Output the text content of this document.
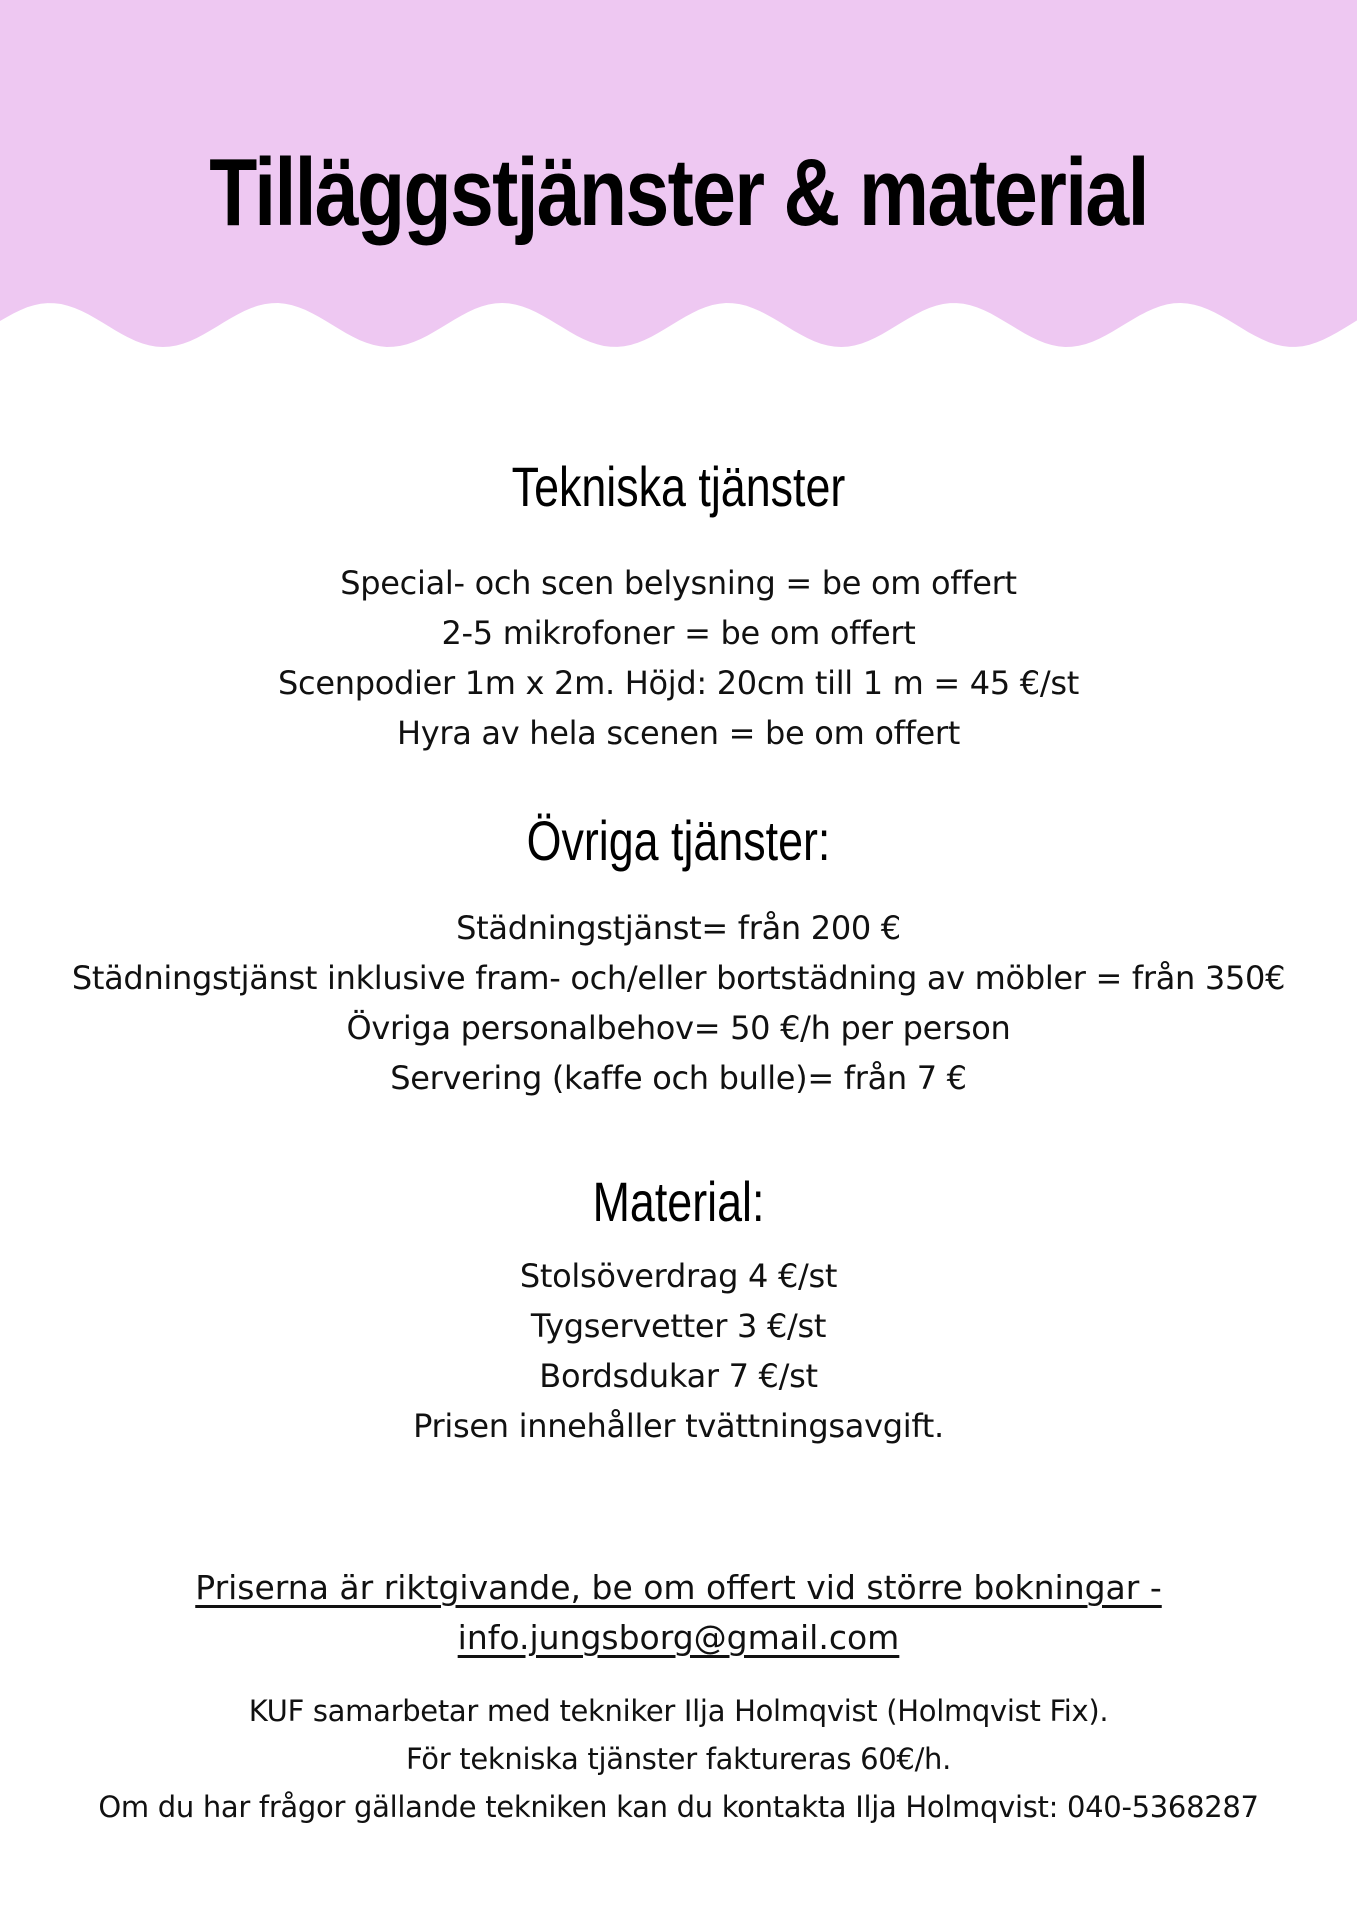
Tilläggstjänster & material
Tekniska tjänster
Special- och scen belysning = be om offert
2-5 mikrofoner = be om offert
Scenpodier 1m x 2m. Höjd: 20cm till 1 m = 45 €/st
Hyra av hela scenen = be om offert
Övriga tjänster:
Städningstjänst= från 200 €
Städningstjänst inklusive fram- och/eller bortstädning av möbler = från 350€
Övriga personalbehov= 50 €/h per person
Servering (kaffe och bulle)= från 7 €
Material:
Stolsöverdrag 4 €/st
Tygservetter 3 €/st
Bordsdukar 7 €/st
Prisen innehåller tvättningsavgift.
Priserna är riktgivande, be om offert vid större bokningar -
info.jungsborg@gmail.com
KUF samarbetar med tekniker Ilja Holmqvist (Holmqvist Fix).
För tekniska tjänster faktureras 60€/h.
Om du har frågor gällande tekniken kan du kontakta Ilja Holmqvist: 040-5368287
